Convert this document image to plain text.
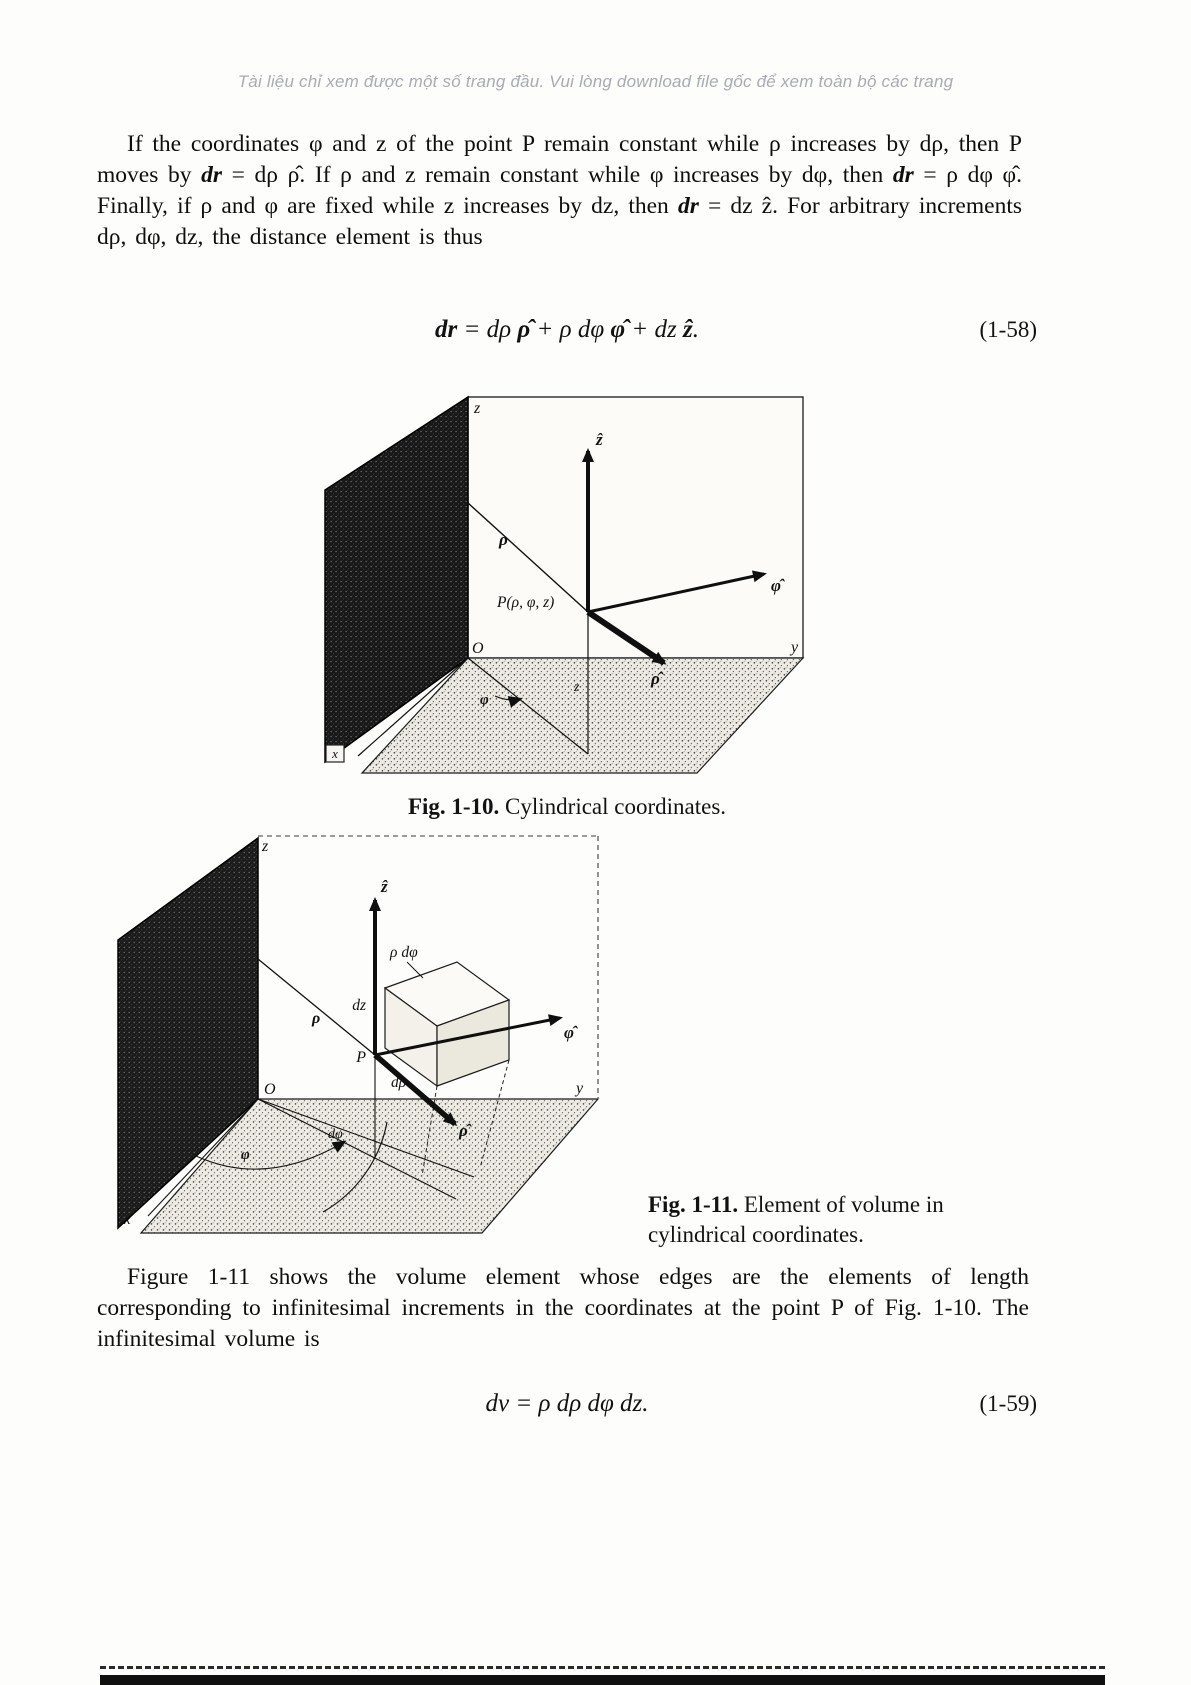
Tài liệu chỉ xem được một số trang đầu. Vui lòng download file gốc để xem toàn bộ các trang
If the coordinates φ and z of the point P remain constant while ρ increases by dρ, then P moves by dr = dρ ρ̂. If ρ and z remain constant while φ increases by dφ, then dr = ρ dφ φ̂. Finally, if ρ and φ are fixed while z increases by dz, then dr = dz ẑ. For arbitrary increments dρ, dφ, dz, the distance element is thus
dr = dρ ρ̂ + ρ dφ φ̂ + dz ẑ.	(1-58)
x
z
ẑ
ρ
P(ρ, φ, z)
O	y
φ̂
ρ̂
φ
z
Fig. 1-10. Cylindrical coordinates.
z
ẑ
ρ dφ
dz
ρ
P
dρ
O	y
φ̂
ρ̂
dφ
φ
x
Fig. 1-11. Element of volume in
cylindrical coordinates.
Figure 1-11 shows the volume element whose edges are the elements of length corresponding to infinitesimal increments in the coordinates at the point P of Fig. 1-10. The infinitesimal volume is
dv = ρ dρ dφ dz.	(1-59)
